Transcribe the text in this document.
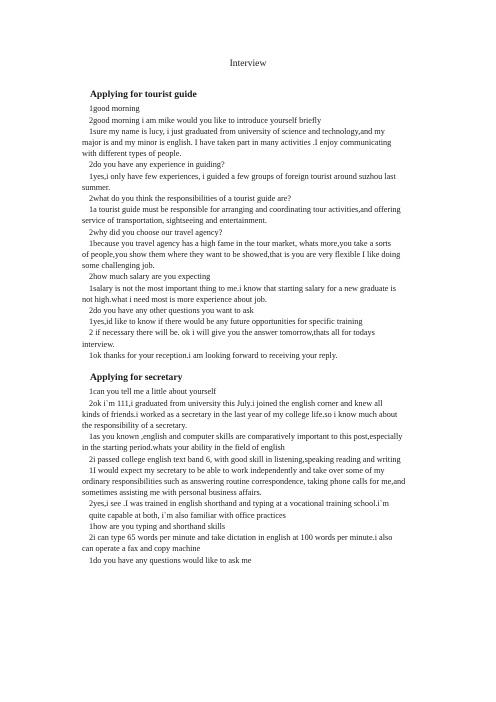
Interview
Applying for tourist guide
1good morning
2good morning i am mike would you like to introduce yourself briefly
1sure my name is lucy, i just graduated from university of science and technology,and my
major is and my minor is english. I have taken part in many activities .I enjoy communicating
with different types of people.
2do you have any experience in guiding?
1yes,i only have few experiences, i guided a few groups of foreign tourist around suzhou last
summer.
2what do you think the responsibilities of a tourist guide are?
1a tourist guide must be responsible for arranging and coordinating tour activities,and offering
service of transportation, sightseeing and entertainment.
2why did you choose our travel agency?
1because you travel agency has a high fame in the tour market, whats more,you take a sorts
of people,you show them where they want to be showed,that is you are very flexible I like doing
some challenging job.
2how much salary are you expecting
1salary is not the most important thing to me.i know that starting salary for a new graduate is
not high.what i need most is more experience about job.
2do you have any other questions you want to ask
1yes,id like to know if there would be any future opportunities for specific training
2 if necessary there will be. ok i will give you the answer tomorrow,thats all for todays
interview.
1ok thanks for your reception.i am looking forward to receiving your reply.
Applying for secretary
1can you tell me a little about yourself
2ok i`m 111,i graduated from university this July.i joined the english corner and knew all
kinds of friends.i worked as a secretary in the last year of my college life.so i know much about
the responsibility of a secretary.
1as you known ,english and computer skills are comparatively important to this post,especially
in the starting period.whats your ability in the field of english
2i passed college english text band 6, with good skill in listening,speaking reading and writing
1I would expect my secretary to be able to work independently and take over some of my
ordinary responsibilities such as answering routine correspondence, taking phone calls for me,and
sometimes assisting me with personal business affairs.
2yes,i see .I was trained in english shorthand and typing at a vocational training school.i`m
quite capable at both, i`m also familiar with office practices
1how are you typing and shorthand skills
2i can type 65 words per minute and take dictation in english at 100 words per minute.i also
can operate a fax and copy machine
1do you have any questions would like to ask me
